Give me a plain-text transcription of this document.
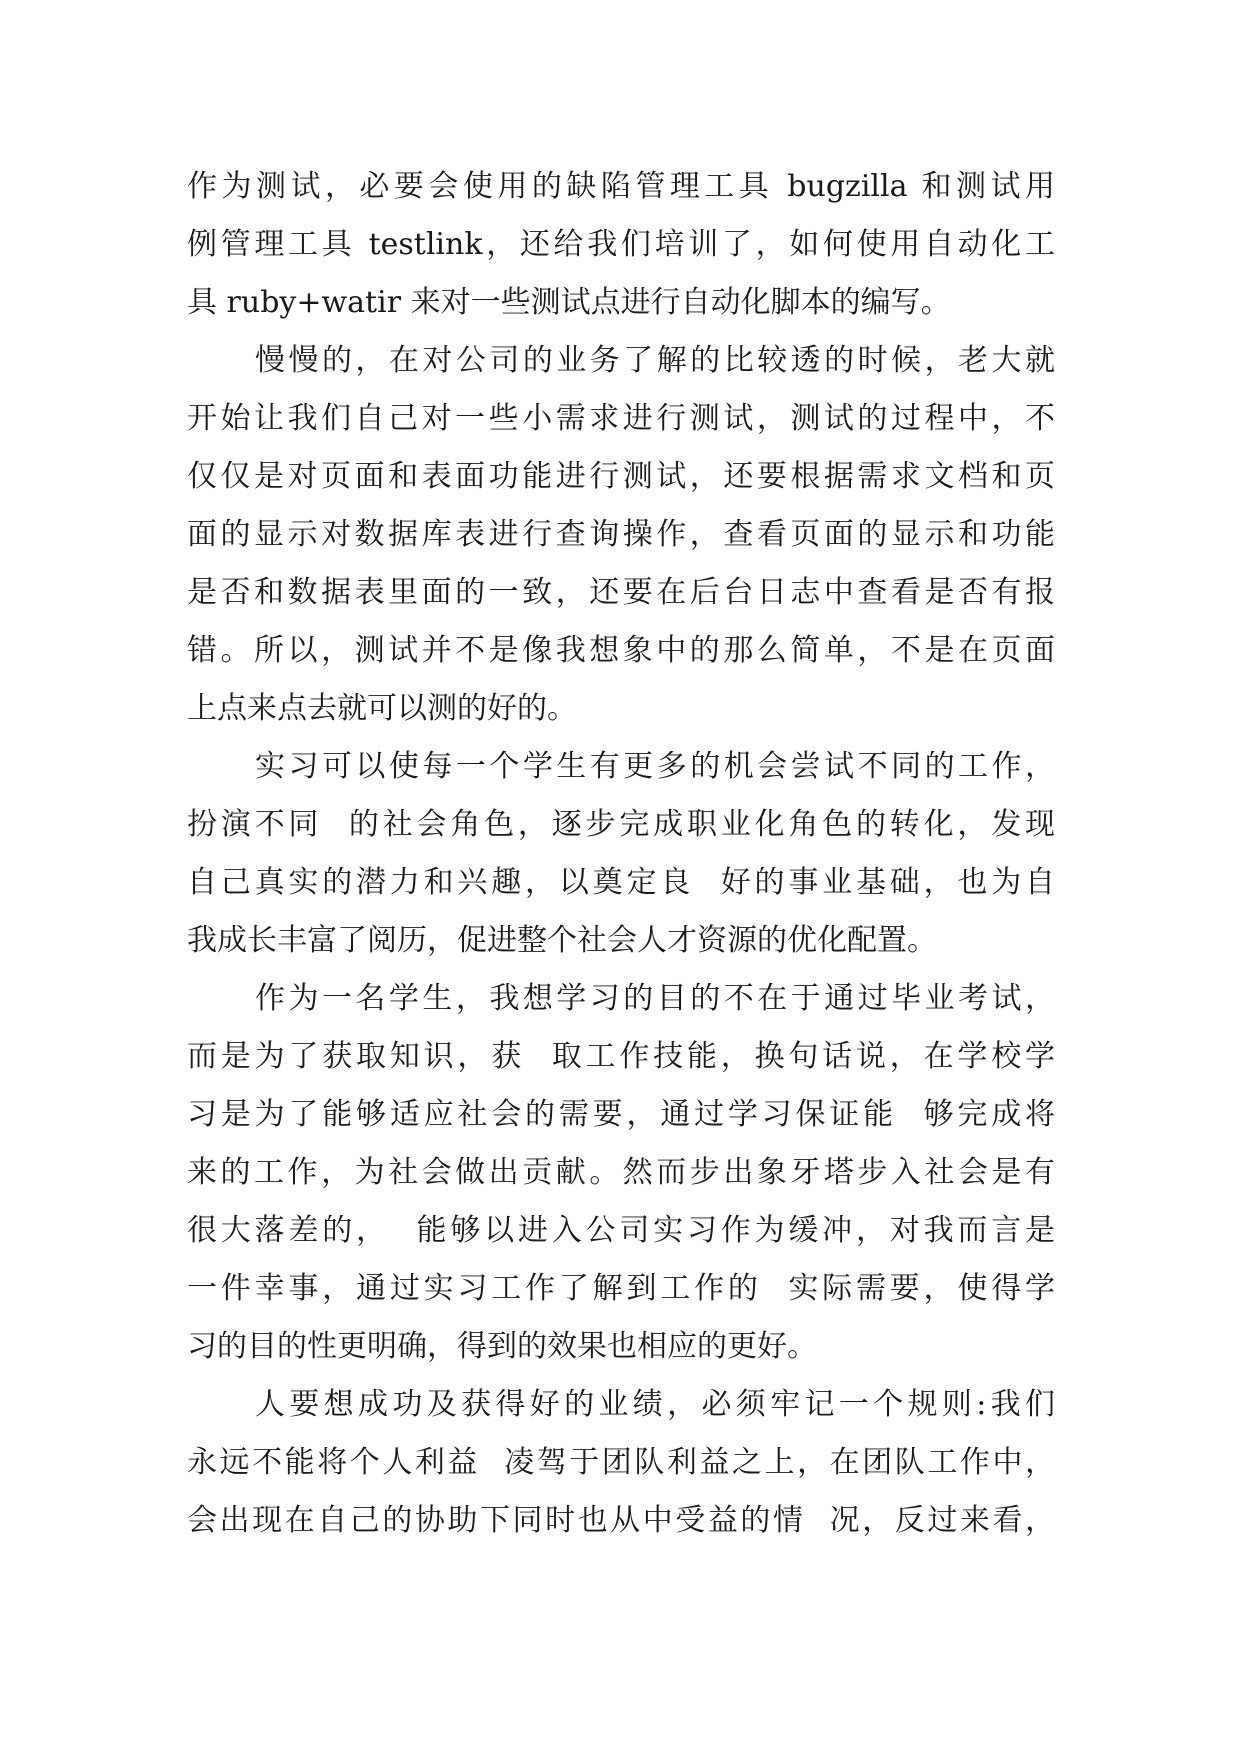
作为测试，必要会使用的缺陷管理工具 bugzilla 和测试用
例管理工具 testlink，还给我们培训了，如何使用自动化工
具 ruby+watir 来对一些测试点进行自动化脚本的编写。
慢慢的，在对公司的业务了解的比较透的时候，老大就
开始让我们自己对一些小需求进行测试，测试的过程中，不
仅仅是对页面和表面功能进行测试，还要根据需求文档和页
面的显示对数据库表进行查询操作，查看页面的显示和功能
是否和数据表里面的一致，还要在后台日志中查看是否有报
错。所以，测试并不是像我想象中的那么简单，不是在页面
上点来点去就可以测的好的。
实习可以使每一个学生有更多的机会尝试不同的工作，
扮演不同  的社会角色，逐步完成职业化角色的转化，发现
自己真实的潜力和兴趣，以奠定良  好的事业基础，也为自
我成长丰富了阅历，促进整个社会人才资源的优化配置。
作为一名学生，我想学习的目的不在于通过毕业考试，
而是为了获取知识，获  取工作技能，换句话说，在学校学
习是为了能够适应社会的需要，通过学习保证能  够完成将
来的工作，为社会做出贡献。然而步出象牙塔步入社会是有
很大落差的，  能够以进入公司实习作为缓冲，对我而言是
一件幸事，通过实习工作了解到工作的  实际需要，使得学
习的目的性更明确，得到的效果也相应的更好。
人要想成功及获得好的业绩，必须牢记一个规则:我们
永远不能将个人利益  凌驾于团队利益之上，在团队工作中，
会出现在自己的协助下同时也从中受益的情  况，反过来看，
